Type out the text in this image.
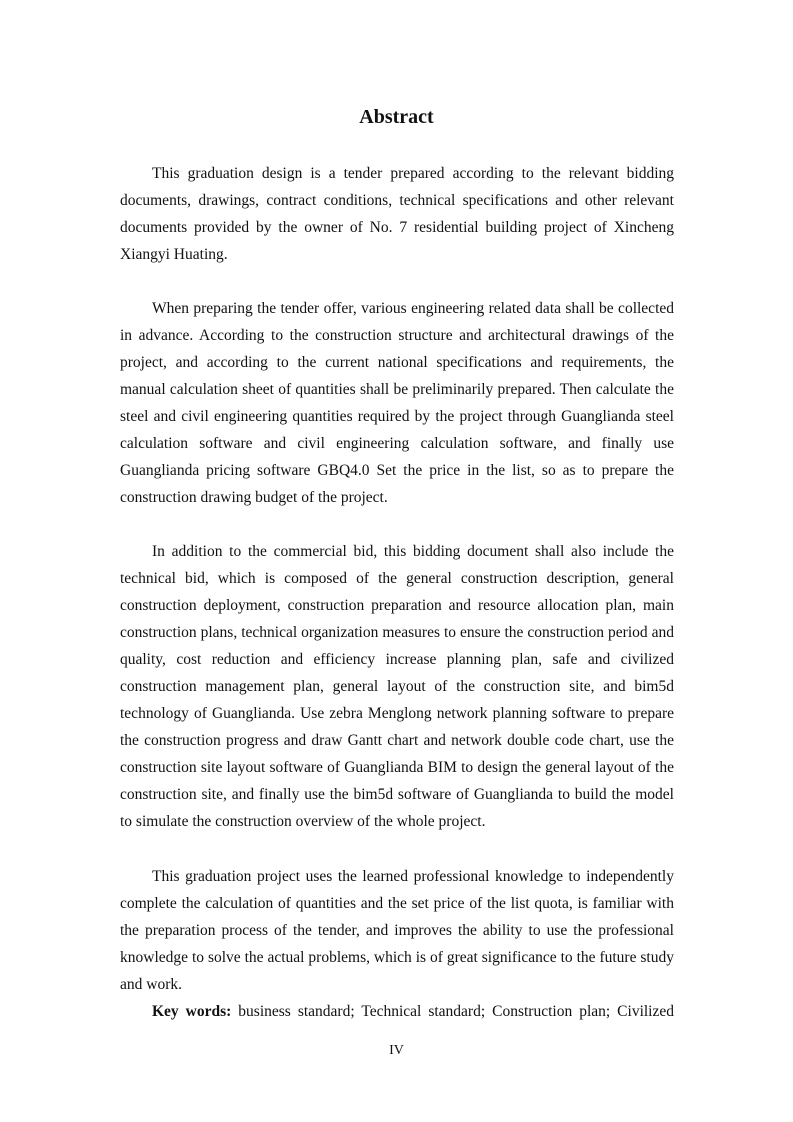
Abstract

This graduation design is a tender prepared according to the relevant bidding documents, drawings, contract conditions, technical specifications and other relevant documents provided by the owner of No. 7 residential building project of Xincheng Xiangyi Huating.

When preparing the tender offer, various engineering related data shall be collected in advance. According to the construction structure and architectural drawings of the project, and according to the current national specifications and requirements, the manual calculation sheet of quantities shall be preliminarily prepared. Then calculate the steel and civil engineering quantities required by the project through Guanglianda steel calculation software and civil engineering calculation software, and finally use Guanglianda pricing software GBQ4.0 Set the price in the list, so as to prepare the construction drawing budget of the project.

In addition to the commercial bid, this bidding document shall also include the technical bid, which is composed of the general construction description, general construction deployment, construction preparation and resource allocation plan, main construction plans, technical organization measures to ensure the construction period and quality, cost reduction and efficiency increase planning plan, safe and civilized construction management plan, general layout of the construction site, and bim5d technology of Guanglianda. Use zebra Menglong network planning software to prepare the construction progress and draw Gantt chart and network double code chart, use the construction site layout software of Guanglianda BIM to design the general layout of the construction site, and finally use the bim5d software of Guanglianda to build the model to simulate the construction overview of the whole project.

This graduation project uses the learned professional knowledge to independently complete the calculation of quantities and the set price of the list quota, is familiar with the preparation process of the tender, and improves the ability to use the professional knowledge to solve the actual problems, which is of great significance to the future study and work.

Key words: business standard; Technical standard; Construction plan; Civilized

IV
